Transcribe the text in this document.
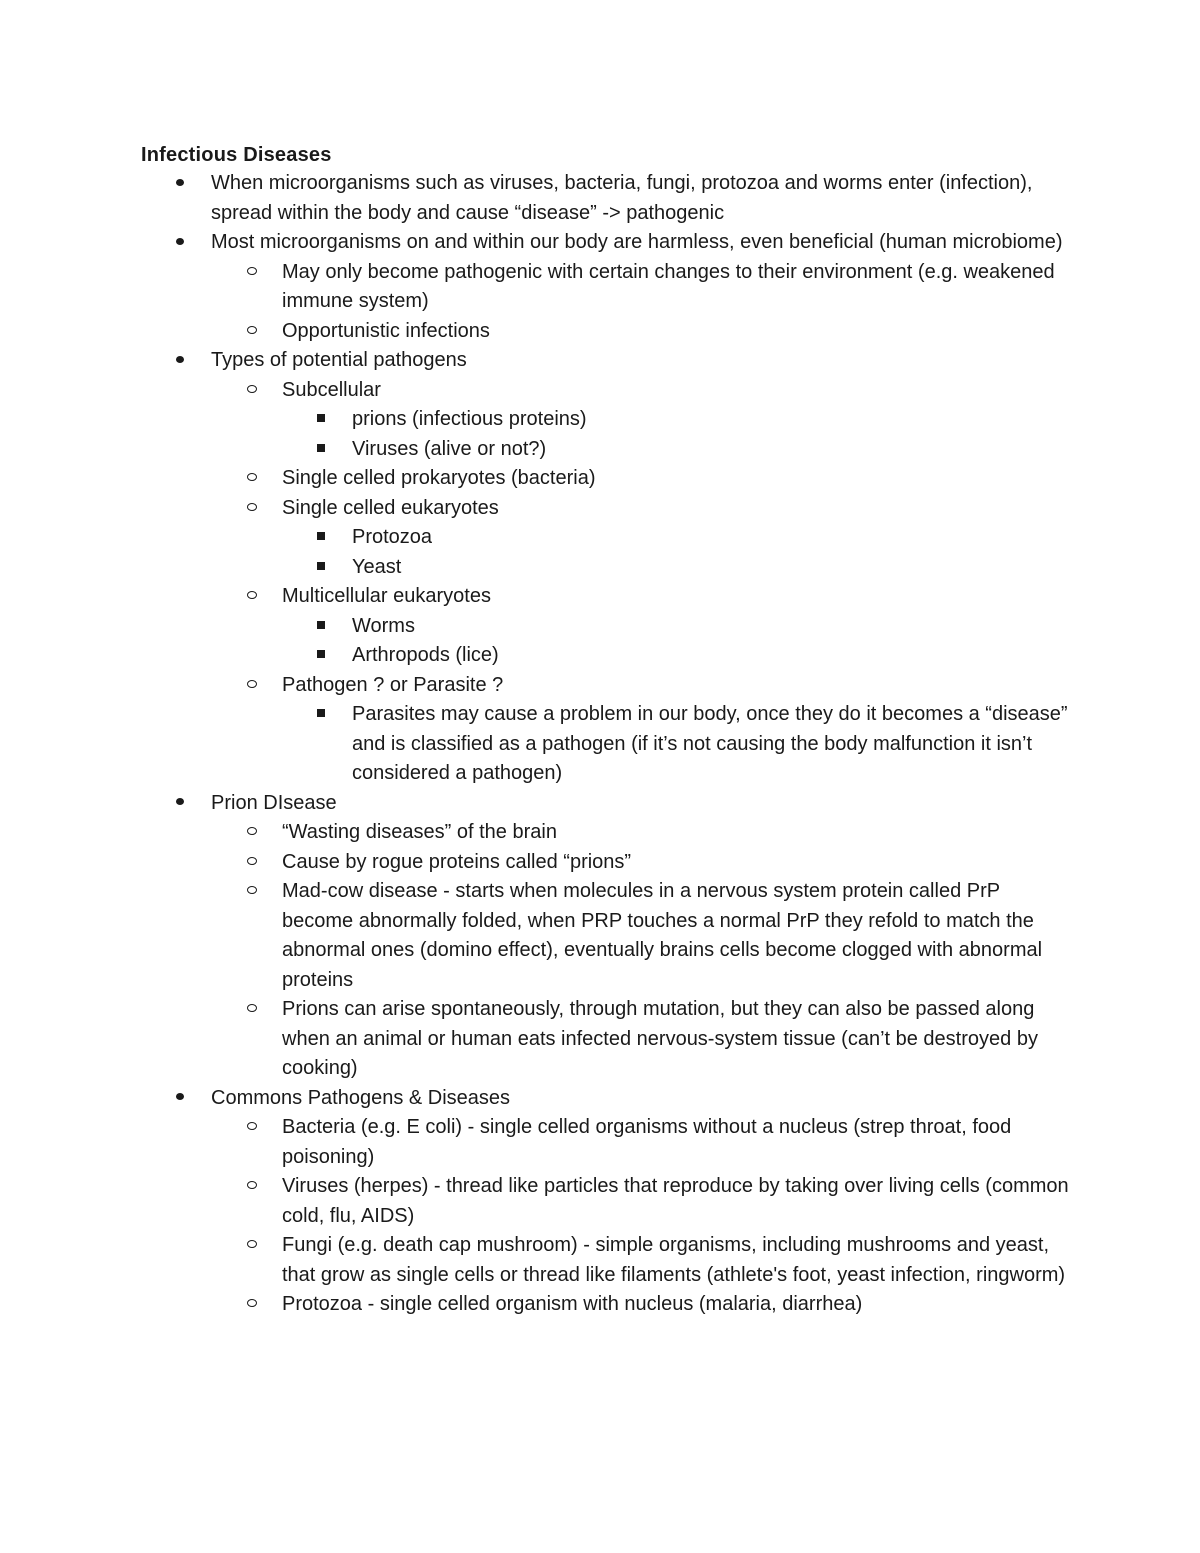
Infectious Diseases
When microorganisms such as viruses, bacteria, fungi, protozoa and worms enter (infection), spread within the body and cause “disease” -> pathogenic
Most microorganisms on and within our body are harmless, even beneficial (human microbiome)
May only become pathogenic with certain changes to their environment (e.g. weakened immune system)
Opportunistic infections
Types of potential pathogens
Subcellular
prions (infectious proteins)
Viruses (alive or not?)
Single celled prokaryotes (bacteria)
Single celled eukaryotes
Protozoa
Yeast
Multicellular eukaryotes
Worms
Arthropods (lice)
Pathogen ? or Parasite ?
Parasites may cause a problem in our body, once they do it becomes a “disease” and is classified as a pathogen (if it’s not causing the body malfunction it isn’t considered a pathogen)
Prion DIsease
“Wasting diseases” of the brain
Cause by rogue proteins called “prions”
Mad-cow disease - starts when molecules in a nervous system protein called PrP become abnormally folded, when PRP touches a normal PrP they refold to match the abnormal ones (domino effect), eventually brains cells become clogged with abnormal proteins
Prions can arise spontaneously, through mutation, but they can also be passed along when an animal or human eats infected nervous-system tissue (can’t be destroyed by cooking)
Commons Pathogens & Diseases
Bacteria (e.g. E coli) - single celled organisms without a nucleus (strep throat, food poisoning)
Viruses (herpes) - thread like particles that reproduce by taking over living cells (common cold, flu, AIDS)
Fungi (e.g. death cap mushroom) - simple organisms, including mushrooms and yeast, that grow as single cells or thread like filaments (athlete's foot, yeast infection, ringworm)
Protozoa - single celled organism with nucleus (malaria, diarrhea)
